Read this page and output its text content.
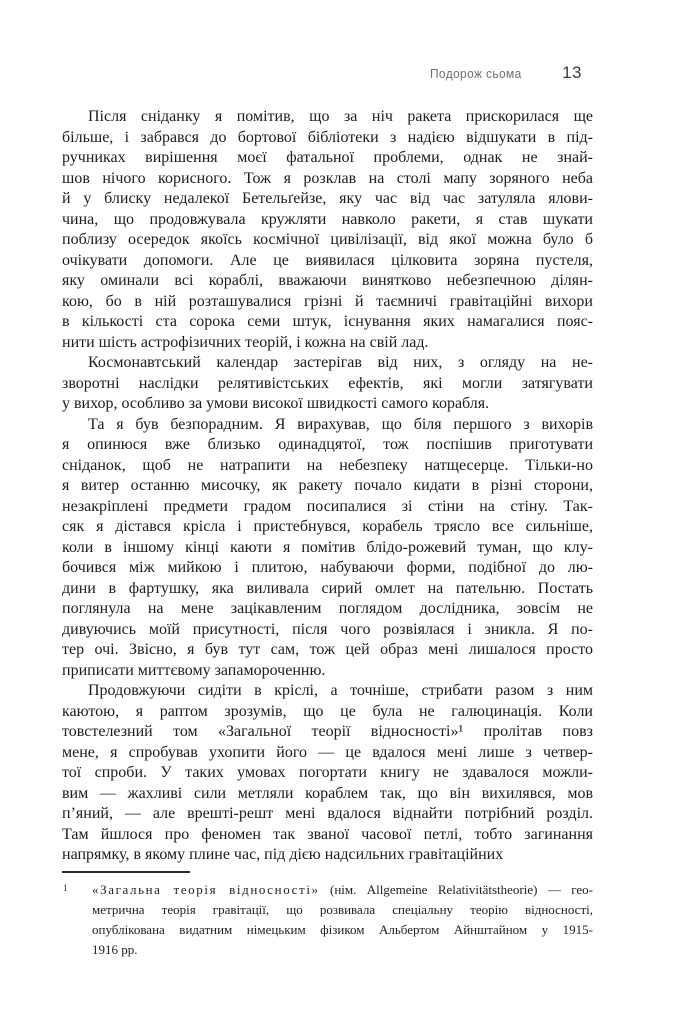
Подорож сьома 13
Після сніданку я помітив, що за ніч ракета прискорилася ще
більше, і забрався до бортової бібліотеки з надією відшукати в під-
ручниках вирішення моєї фатальної проблеми, однак не знай-
шов нічого корисного. Тож я розклав на столі мапу зоряного неба
й у блиску недалекої Бетельґейзе, яку час від час затуляла ялови-
чина, що продовжувала кружляти навколо ракети, я став шукати
поблизу осередок якоїсь космічної цивілізації, від якої можна було б
очікувати допомоги. Але це виявилася цілковита зоряна пустеля,
яку оминали всі кораблі, вважаючи винятково небезпечною ділян-
кою, бо в ній розташувалися грізні й таємничі гравітаційні вихори
в кількості ста сорока семи штук, існування яких намагалися пояс-
нити шість астрофізичних теорій, і кожна на свій лад.
Космонавтський календар застерігав від них, з огляду на не-
зворотні наслідки релятивістських ефектів, які могли затягувати
у вихор, особливо за умови високої швидкості самого корабля.
Та я був безпорадним. Я вирахував, що біля першого з вихорів
я опинюся вже близько одинадцятої, тож поспішив приготувати
сніданок, щоб не натрапити на небезпеку натщесерце. Тільки-но
я витер останню мисочку, як ракету почало кидати в різні сторони,
незакріплені предмети градом посипалися зі стіни на стіну. Так-
сяк я дістався крісла і пристебнувся, корабель трясло все сильніше,
коли в іншому кінці каюти я помітив блідо-рожевий туман, що клу-
бочився між мийкою і плитою, набуваючи форми, подібної до лю-
дини в фартушку, яка виливала сирий омлет на пательню. Постать
поглянула на мене зацікавленим поглядом дослідника, зовсім не
дивуючись моїй присутності, після чого розвіялася і зникла. Я по-
тер очі. Звісно, я був тут сам, тож цей образ мені лишалося просто
приписати миттєвому запамороченню.
Продовжуючи сидіти в кріслі, а точніше, стрибати разом з ним
каютою, я раптом зрозумів, що це була не галюцинація. Коли
товстелезний том «Загальної теорії відносності»¹ пролітав повз
мене, я спробував ухопити його — це вдалося мені лише з четвер-
тої спроби. У таких умовах погортати книгу не здавалося можли-
вим — жахливі сили метляли кораблем так, що він вихилявся, мов
п’яний, — але врешті-решт мені вдалося віднайти потрібний розділ.
Там йшлося про феномен так званої часової петлі, тобто загинання
напрямку, в якому плине час, під дією надсильних гравітаційних
1 «Загальна теорія відносності» (нім. Allgemeine Relativitätstheorie) — гео-
метрична теорія гравітації, що розвивала спеціальну теорію відносності,
опублікована видатним німецьким фізиком Альбертом Айнштайном у 1915-
1916 рр.
